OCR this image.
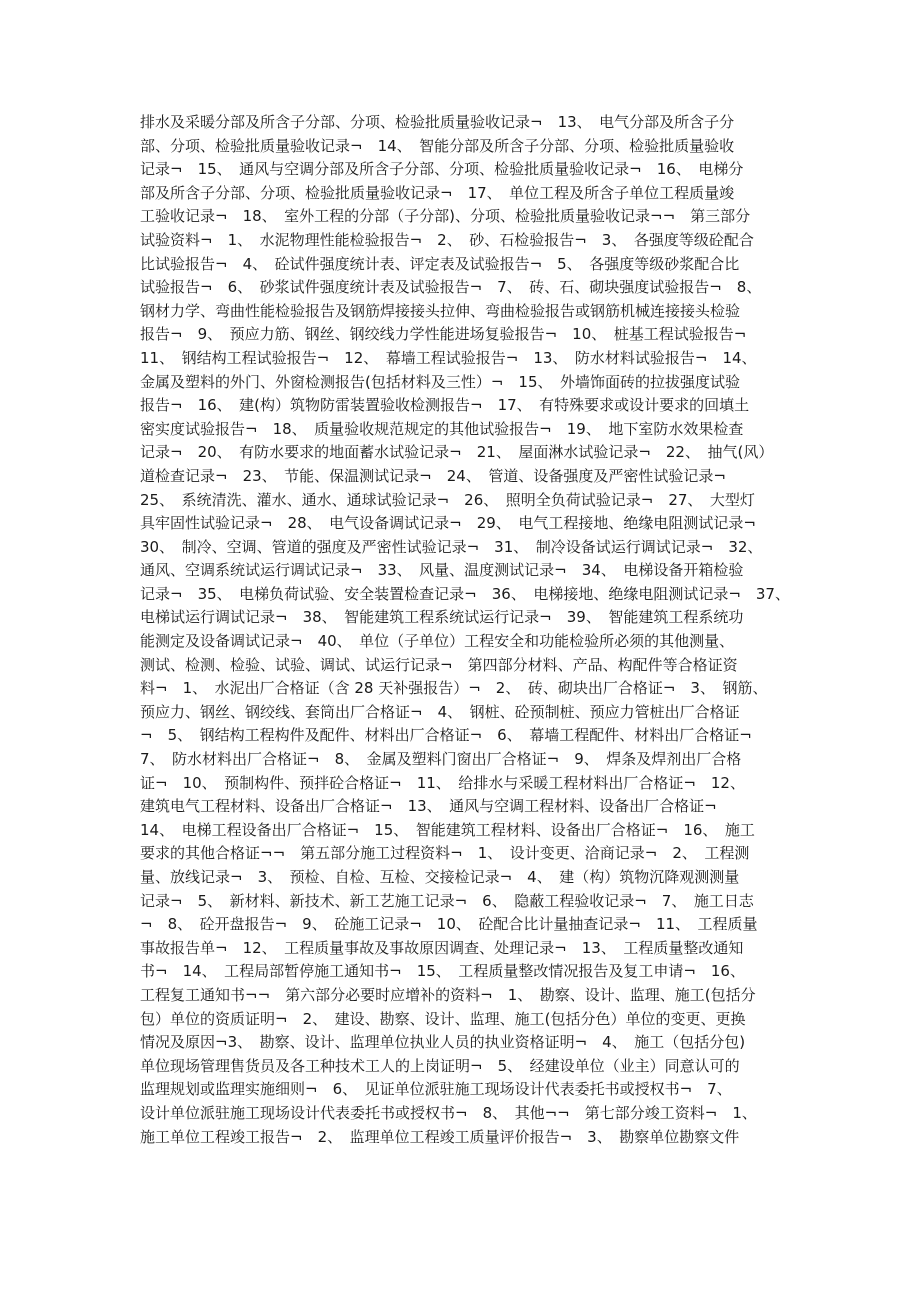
排水及采暖分部及所含子分部、分项、检验批质量验收记录¬　13、　电气分部及所含子分
部、分项、检验批质量验收记录¬　14、　智能分部及所含子分部、分项、检验批质量验收
记录¬　15、　通风与空调分部及所含子分部、分项、检验批质量验收记录¬　16、　电梯分
部及所含子分部、分项、检验批质量验收记录¬　17、　单位工程及所含子单位工程质量竣
工验收记录¬　18、　室外工程的分部（子分部)、分项、检验批质量验收记录¬¬　第三部分
试验资料¬　1、　水泥物理性能检验报告¬　2、　砂、石检验报告¬　3、　各强度等级砼配合
比试验报告¬　4、　砼试件强度统计表、评定表及试验报告¬　5、　各强度等级砂浆配合比
试验报告¬　6、　砂浆试件强度统计表及试验报告¬　7、　砖、石、砌块强度试验报告¬　8、
钢材力学、弯曲性能检验报告及钢筋焊接接头拉伸、弯曲检验报告或钢筋机械连接接头检验
报告¬　9、　预应力筋、钢丝、钢绞线力学性能进场复验报告¬　10、　桩基工程试验报告¬
11、　钢结构工程试验报告¬　12、　幕墙工程试验报告¬　13、　防水材料试验报告¬　14、
金属及塑料的外门、外窗检测报告(包括材料及三性）¬　15、　外墙饰面砖的拉拔强度试验
报告¬　16、　建(构）筑物防雷装置验收检测报告¬　17、　有特殊要求或设计要求的回填土
密实度试验报告¬　18、　质量验收规范规定的其他试验报告¬　19、　地下室防水效果检查
记录¬　20、　有防水要求的地面蓄水试验记录¬　21、　屋面淋水试验记录¬　22、　抽气(风）
道检查记录¬　23、　节能、保温测试记录¬　24、　管道、设备强度及严密性试验记录¬
25、　系统清洗、灌水、通水、通球试验记录¬　26、　照明全负荷试验记录¬　27、　大型灯
具牢固性试验记录¬　28、　电气设备调试记录¬　29、　电气工程接地、绝缘电阻测试记录¬
30、　制冷、空调、管道的强度及严密性试验记录¬　31、　制冷设备试运行调试记录¬　32、
通风、空调系统试运行调试记录¬　33、　风量、温度测试记录¬　34、　电梯设备开箱检验
记录¬　35、　电梯负荷试验、安全装置检查记录¬　36、　电梯接地、绝缘电阻测试记录¬　37、
电梯试运行调试记录¬　38、　智能建筑工程系统试运行记录¬　39、　智能建筑工程系统功
能测定及设备调试记录¬　40、　单位（子单位）工程安全和功能检验所必须的其他测量、
测试、检测、检验、试验、调试、试运行记录¬　第四部分材料、产品、构配件等合格证资
料¬　1、　水泥出厂合格证（含 28 天补强报告）¬　2、　砖、砌块出厂合格证¬　3、　钢筋、
预应力、钢丝、钢绞线、套筒出厂合格证¬　4、　钢桩、砼预制桩、预应力管桩出厂合格证
¬　5、　钢结构工程构件及配件、材料出厂合格证¬　6、　幕墙工程配件、材料出厂合格证¬
7、　防水材料出厂合格证¬　8、　金属及塑料门窗出厂合格证¬　9、　焊条及焊剂出厂合格
证¬　10、　预制构件、预拌砼合格证¬　11、　给排水与采暖工程材料出厂合格证¬　12、
建筑电气工程材料、设备出厂合格证¬　13、　通风与空调工程材料、设备出厂合格证¬
14、　电梯工程设备出厂合格证¬　15、　智能建筑工程材料、设备出厂合格证¬　16、　施工
要求的其他合格证¬¬　第五部分施工过程资料¬　1、　设计变更、洽商记录¬　2、　工程测
量、放线记录¬　3、　预检、自检、互检、交接检记录¬　4、　建（构）筑物沉降观测测量
记录¬　5、　新材料、新技术、新工艺施工记录¬　6、　隐蔽工程验收记录¬　7、　施工日志
¬　8、　砼开盘报告¬　9、　砼施工记录¬　10、　砼配合比计量抽查记录¬　11、　工程质量
事故报告单¬　12、　工程质量事故及事故原因调查、处理记录¬　13、　工程质量整改通知
书¬　14、　工程局部暂停施工通知书¬　15、　工程质量整改情况报告及复工申请¬　16、
工程复工通知书¬¬　第六部分必要时应增补的资料¬　1、　勘察、设计、监理、施工(包括分
包）单位的资质证明¬　2、　建设、勘察、设计、监理、施工(包括分色）单位的变更、更换
情况及原因¬3、　勘察、设计、监理单位执业人员的执业资格证明¬　4、　施工（包括分包)
单位现场管理售货员及各工种技术工人的上岗证明¬　5、　经建设单位（业主）同意认可的
监理规划或监理实施细则¬　6、　见证单位派驻施工现场设计代表委托书或授权书¬　7、
设计单位派驻施工现场设计代表委托书或授权书¬　8、　其他¬¬　第七部分竣工资料¬　1、
施工单位工程竣工报告¬　2、　监理单位工程竣工质量评价报告¬　3、　勘察单位勘察文件
